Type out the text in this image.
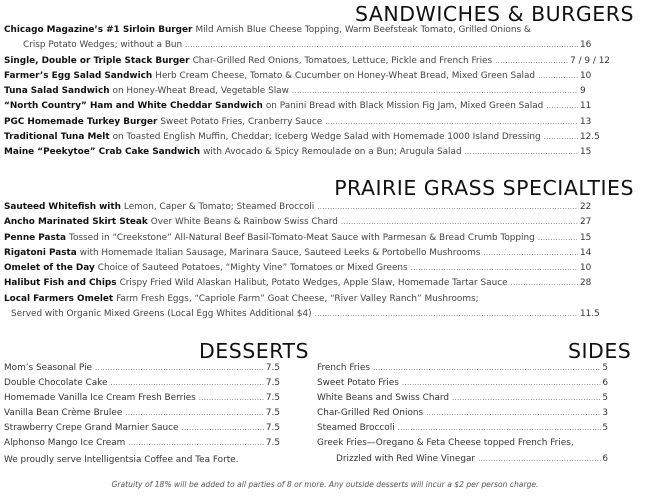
SANDWICHES & BURGERS
Chicago Magazine’s #1 Sirloin Burger Mild Amish Blue Cheese Topping, Warm Beefsteak Tomato, Grilled Onions &
Crisp Potato Wedges; without a Bun .....	16
Single, Double or Triple Stack Burger Char-Grilled Red Onions, Tomatoes, Lettuce, Pickle and French Fries .....	7 / 9 / 12
Farmer’s Egg Salad Sandwich Herb Cream Cheese, Tomato & Cucumber on Honey-Wheat Bread, Mixed Green Salad .....	10
Tuna Salad Sandwich on Honey-Wheat Bread, Vegetable Slaw .....	9
“North Country” Ham and White Cheddar Sandwich on Panini Bread with Black Mission Fig Jam, Mixed Green Salad .....	11
PGC Homemade Turkey Burger Sweet Potato Fries, Cranberry Sauce .....	13
Traditional Tuna Melt on Toasted English Muffin, Cheddar; Iceberg Wedge Salad with Homemade 1000 Island Dressing .....	12.5
Maine “Peekytoe” Crab Cake Sandwich with Avocado & Spicy Remoulade on a Bun; Arugula Salad .....	15
PRAIRIE GRASS SPECIALTIES
Sauteed Whitefish with Lemon, Caper & Tomato; Steamed Broccoli .....	22
Ancho Marinated Skirt Steak Over White Beans & Rainbow Swiss Chard .....	27
Penne Pasta Tossed in “Creekstone” All-Natural Beef Basil-Tomato-Meat Sauce with Parmesan & Bread Crumb Topping .....	15
Rigatoni Pasta with Homemade Italian Sausage, Marinara Sauce, Sauteed Leeks & Portobello Mushrooms .....	14
Omelet of the Day Choice of Sauteed Potatoes, “Mighty Vine” Tomatoes or Mixed Greens .....	10
Halibut Fish and Chips Crispy Fried Wild Alaskan Halibut, Potato Wedges, Apple Slaw, Homemade Tartar Sauce .....	28
Local Farmers Omelet Farm Fresh Eggs, “Capriole Farm” Goat Cheese, “River Valley Ranch” Mushrooms;
Served with Organic Mixed Greens (Local Egg Whites Additional $4) .....	11.5
DESSERTS
Mom’s Seasonal Pie .....	7.5
Double Chocolate Cake .....	7.5
Homemade Vanilla Ice Cream Fresh Berries .....	7.5
Vanilla Bean Crème Brulee .....	7.5
Strawberry Crepe Grand Marnier Sauce .....	7.5
Alphonso Mango Ice Cream .....	7.5
We proudly serve Intelligentsia Coffee and Tea Forte.
SIDES
French Fries .....	5
Sweet Potato Fries .....	6
White Beans and Swiss Chard .....	5
Char-Grilled Red Onions .....	3
Steamed Broccoli .....	5
Greek Fries—Oregano & Feta Cheese topped French Fries,
Drizzled with Red Wine Vinegar .....	6
Gratuity of 18% will be added to all parties of 8 or more. Any outside desserts will incur a $2 per person charge.
